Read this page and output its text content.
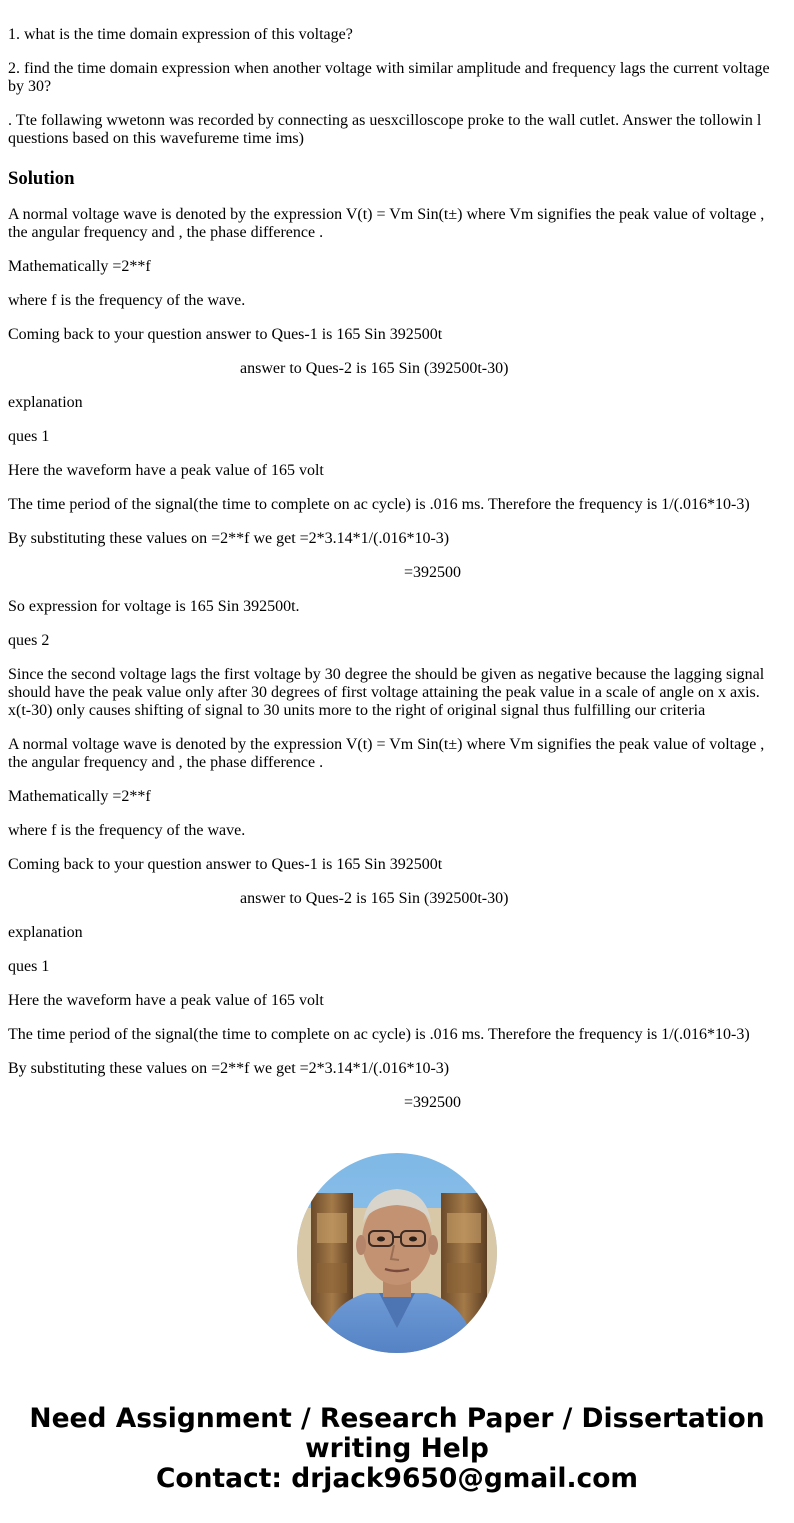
1. what is the time domain expression of this voltage?

2. find the time domain expression when another voltage with similar amplitude and frequency lags the current voltage by 30?

. Tte follawing wwetonn was recorded by connecting as uesxcilloscope proke to the wall cutlet. Answer the tollowin l questions based on this wavefureme time ims)

Solution

A normal voltage wave is denoted by the expression V(t) = Vm Sin(t±) where Vm signifies the peak value of voltage , the angular frequency and , the phase difference .

Mathematically =2**f

where f is the frequency of the wave.

Coming back to your question answer to Ques-1 is 165 Sin 392500t

answer to Ques-2 is 165 Sin (392500t-30)

explanation

ques 1

Here the waveform have a peak value of 165 volt

The time period of the signal(the time to complete on ac cycle) is .016 ms. Therefore the frequency is 1/(.016*10-3)

By substituting these values on =2**f we get =2*3.14*1/(.016*10-3)

=392500

So expression for voltage is 165 Sin 392500t.

ques 2

Since the second voltage lags the first voltage by 30 degree the should be given as negative because the lagging signal should have the peak value only after 30 degrees of first voltage attaining the peak value in a scale of angle on x axis. x(t-30) only causes shifting of signal to 30 units more to the right of original signal thus fulfilling our criteria

A normal voltage wave is denoted by the expression V(t) = Vm Sin(t±) where Vm signifies the peak value of voltage , the angular frequency and , the phase difference .

Mathematically =2**f

where f is the frequency of the wave.

Coming back to your question answer to Ques-1 is 165 Sin 392500t

answer to Ques-2 is 165 Sin (392500t-30)

explanation

ques 1

Here the waveform have a peak value of 165 volt

The time period of the signal(the time to complete on ac cycle) is .016 ms. Therefore the frequency is 1/(.016*10-3)

By substituting these values on =2**f we get =2*3.14*1/(.016*10-3)

=392500

Need Assignment / Research Paper / Dissertation
writing Help
Contact: drjack9650@gmail.com
